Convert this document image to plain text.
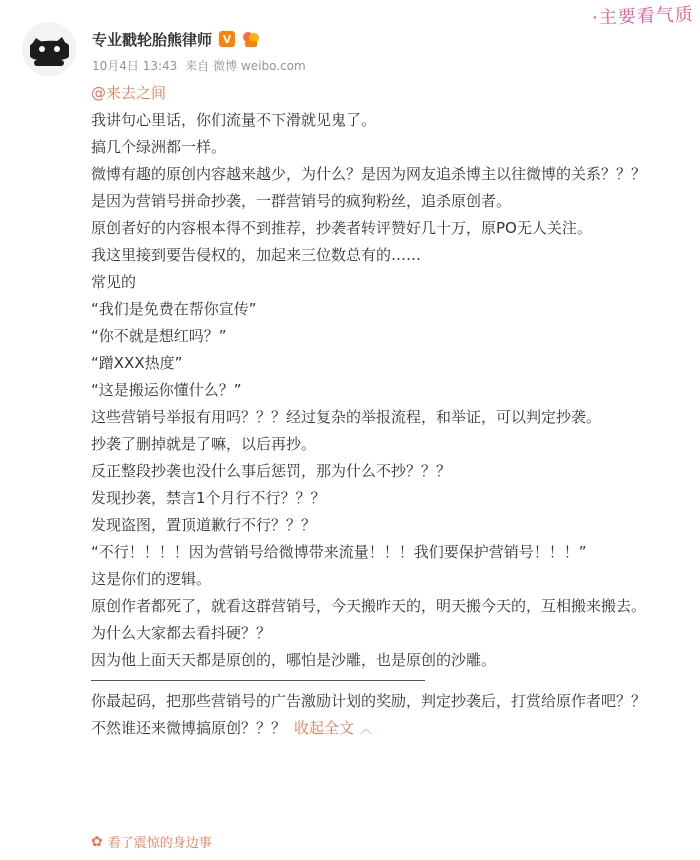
·主要看气质
专业戳轮胎熊律师 V
10月4日 13:43 来自 微博 weibo.com

@来去之间

我讲句心里话，你们流量不下滑就见鬼了。

搞几个绿洲都一样。

微博有趣的原创内容越来越少，为什么？是因为网友追杀博主以往微博的关系？？？

是因为营销号拼命抄袭，一群营销号的疯狗粉丝，追杀原创者。

原创者好的内容根本得不到推荐，抄袭者转评赞好几十万，原PO无人关注。

我这里接到要告侵权的，加起来三位数总有的……

常见的

“我们是免费在帮你宣传”

“你不就是想红吗？”

“蹭XXX热度”

“这是搬运你懂什么？”

这些营销号举报有用吗？？？经过复杂的举报流程，和举证，可以判定抄袭。

抄袭了删掉就是了嘛，以后再抄。

反正整段抄袭也没什么事后惩罚，那为什么不抄？？？

发现抄袭，禁言1个月行不行？？？

发现盗图，置顶道歉行不行？？？

“不行！！！！因为营销号给微博带来流量！！！我们要保护营销号！！！”

这是你们的逻辑。

原创作者都死了，就看这群营销号，今天搬昨天的，明天搬今天的，互相搬来搬去。

为什么大家都去看抖硬？？

因为他上面天天都是原创的，哪怕是沙雕，也是原创的沙雕。

你最起码，把那些营销号的广告激励计划的奖励，判定抄袭后，打赏给原作者吧？？

不然谁还来微博搞原创？？？ 收起全文 ︿

✿ 看了震惊的身边事
